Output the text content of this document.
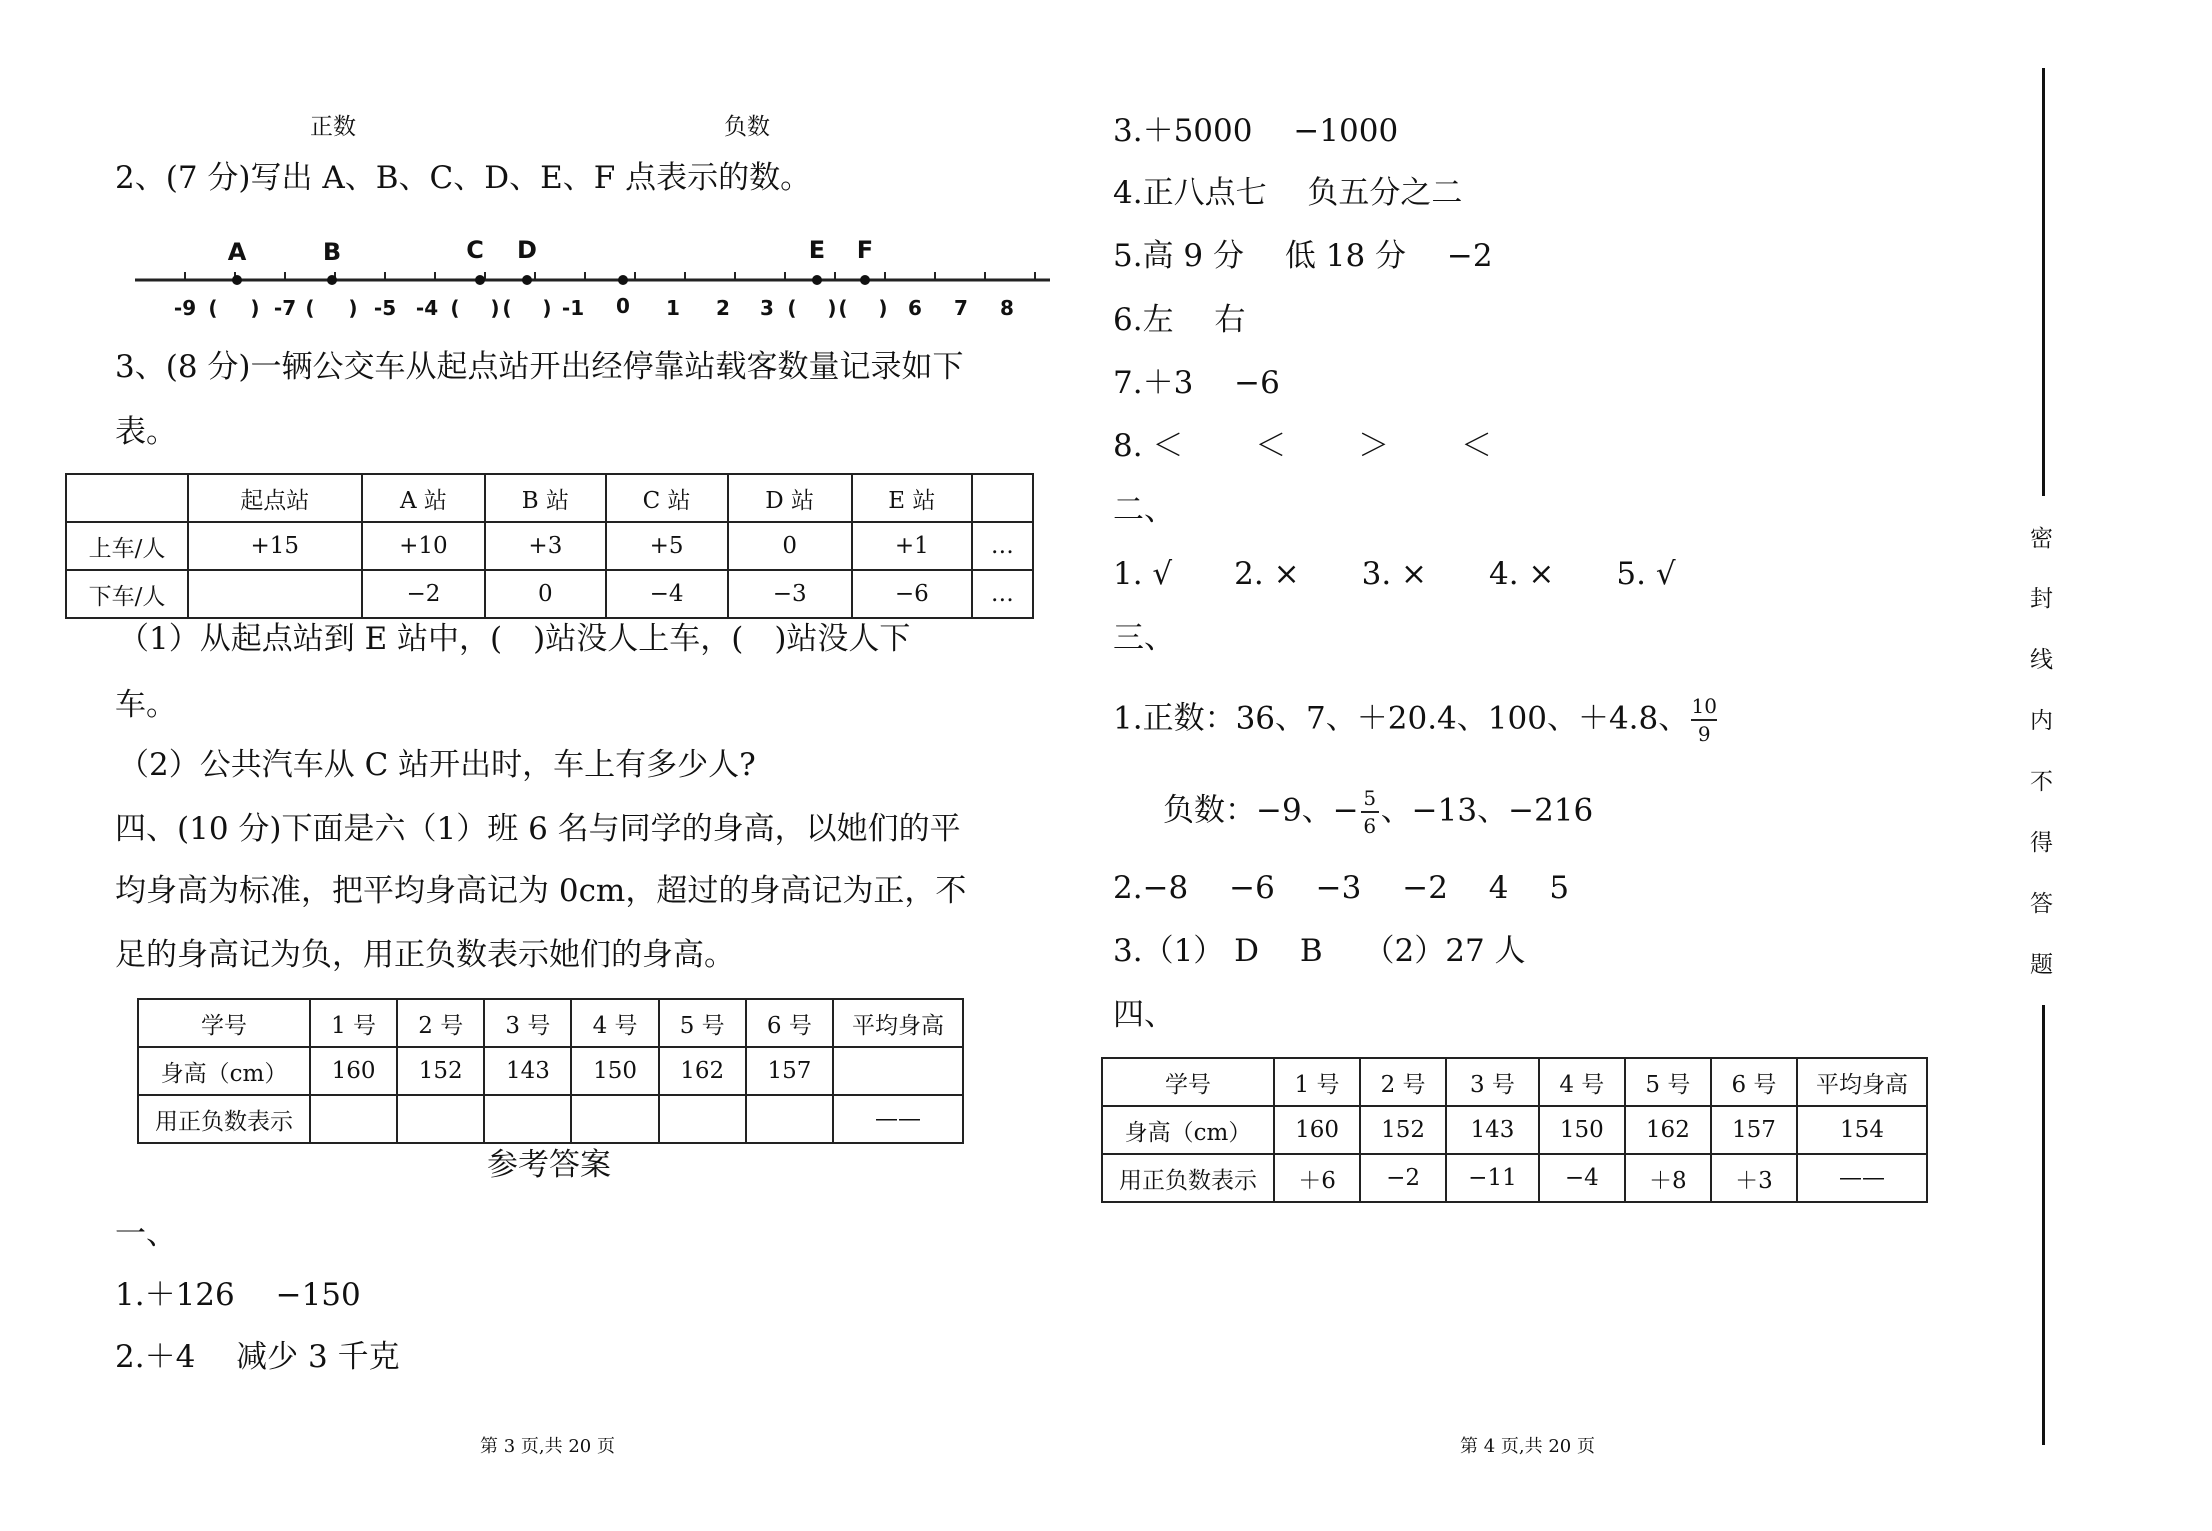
正数	负数
2、(7 分)写出 A、B、C、D、E、F 点表示的数。
A	B	C D	E F
-9 ( ) -7 ( ) -5 -4 ( ) ( ) -1 0 1 2 3 ( ) ( ) 6 7 8
3、(8 分)一辆公交车从起点站开出经停靠站载客数量记录如下
表。
	起点站	A 站	B 站	C 站	D 站	E 站	
上车/人	+15	+10	+3	+5	0	+1	…
下车/人		−2	0	−4	−3	−6	…
（1）从起点站到 E 站中，(　)站没人上车，(　)站没人下
车。
（2）公共汽车从 C 站开出时，车上有多少人?
四、(10 分)下面是六（1）班 6 名与同学的身高，以她们的平
均身高为标准，把平均身高记为 0cm，超过的身高记为正，不
足的身高记为负，用正负数表示她们的身高。
学号	1 号	2 号	3 号	4 号	5 号	6 号	平均身高
身高（cm）	160	152	143	150	162	157	
用正负数表示							——
参考答案
一、
1.＋126　 −150
2.＋4　 减少 3 千克
第 3 页,共 20 页
3.＋5000　 −1000
4.正八点七　 负五分之二
5.高 9 分　 低 18 分　 −2
6.左　 右
7.＋3　 −6
8. ＜　　 ＜　　 ＞　　 ＜
二、
1. √　　2. ×　　3. ×　　4. ×　　5. √
三、
1.正数：36、7、＋20.4、100、＋4.8、 $\frac{10}{9}$
负数：−9、− $\frac{5}{6}$ 、−13、−216
2.−8　 −6　 −3　 −2　 4　 5
3.（1） D　 B　 （2）27 人
四、
学号	1 号	2 号	3 号	4 号	5 号	6 号	平均身高
身高（cm）	160	152	143	150	162	157	154
用正负数表示	＋6	−2	−11	−4	＋8	＋3	——
第 4 页,共 20 页
密
封
线
内
不
得
答
题
